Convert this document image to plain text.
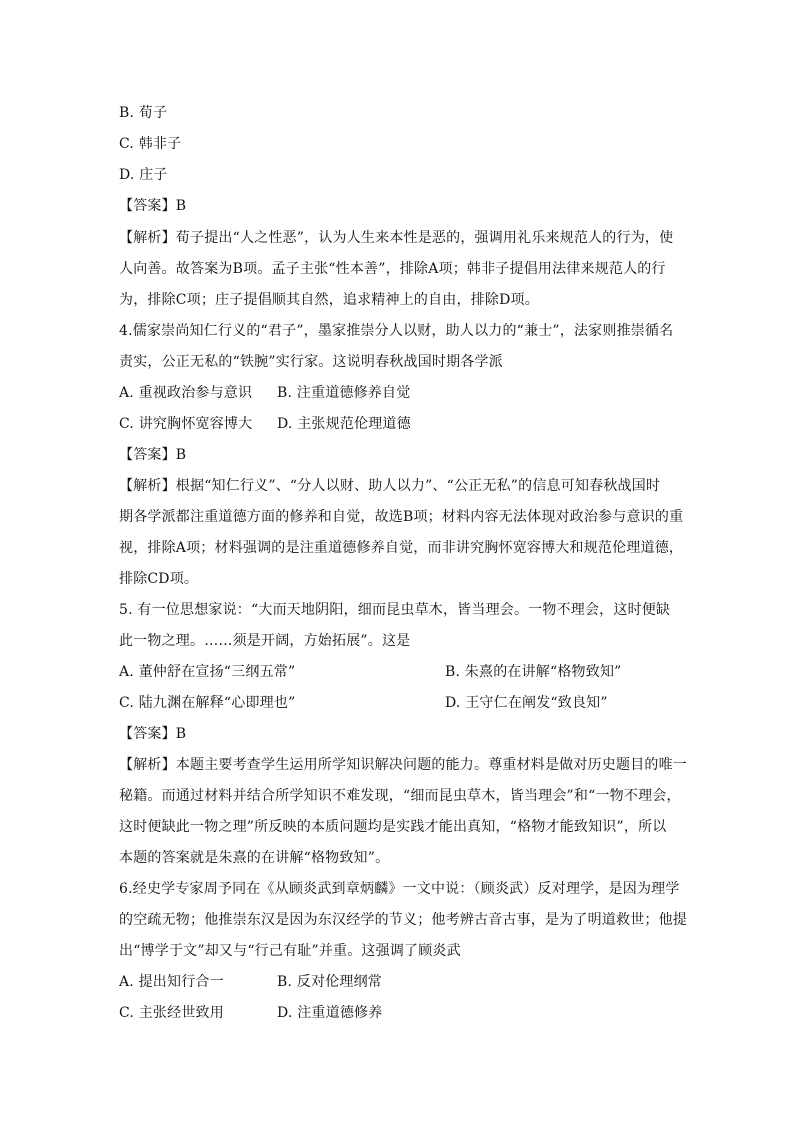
B. 荀子
C. 韩非子
D. 庄子
【答案】B
【解析】荀子提出“人之性恶”，认为人生来本性是恶的，强调用礼乐来规范人的行为，使
人向善。故答案为B项。孟子主张“性本善”，排除A项；韩非子提倡用法律来规范人的行
为，排除C项；庄子提倡顺其自然，追求精神上的自由，排除D项。
4.儒家崇尚知仁行义的“君子”，墨家推崇分人以财，助人以力的“兼士”，法家则推崇循名
责实，公正无私的“铁腕”实行家。这说明春秋战国时期各学派
A. 重视政治参与意识 B. 注重道德修养自觉
C. 讲究胸怀宽容博大 D. 主张规范伦理道德
【答案】B
【解析】根据“知仁行义”、“分人以财、助人以力”、“公正无私”的信息可知春秋战国时
期各学派都注重道德方面的修养和自觉，故选B项；材料内容无法体现对政治参与意识的重
视，排除A项；材料强调的是注重道德修养自觉，而非讲究胸怀宽容博大和规范伦理道德，
排除CD项。
5. 有一位思想家说：“大而天地阴阳，细而昆虫草木，皆当理会。一物不理会，这时便缺
此一物之理。……须是开阔，方始拓展”。这是
A. 董仲舒在宣扬“三纲五常”	B. 朱熹的在讲解“格物致知”
C. 陆九渊在解释“心即理也”	D. 王守仁在阐发“致良知”
【答案】B
【解析】本题主要考查学生运用所学知识解决问题的能力。尊重材料是做对历史题目的唯一
秘籍。而通过材料并结合所学知识不难发现，“细而昆虫草木，皆当理会”和“一物不理会，
这时便缺此一物之理”所反映的本质问题均是实践才能出真知，“格物才能致知识”，所以
本题的答案就是朱熹的在讲解“格物致知”。
6.经史学专家周予同在《从顾炎武到章炳麟》一文中说：（顾炎武）反对理学，是因为理学
的空疏无物；他推崇东汉是因为东汉经学的节义；他考辨古音古事，是为了明道救世；他提
出“博学于文”却又与“行己有耻”并重。这强调了顾炎武
A. 提出知行合一	B. 反对伦理纲常
C. 主张经世致用	D. 注重道德修养
